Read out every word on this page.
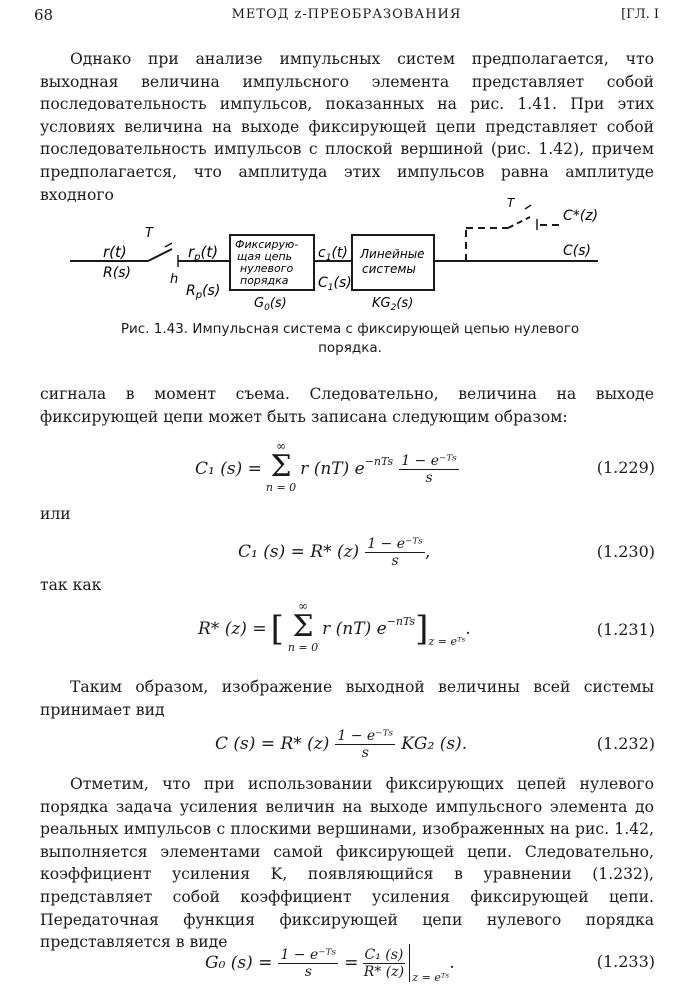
68	МЕТОД z-ПРЕОБРАЗОВАНИЯ	[ГЛ. I
Однако при анализе импульсных систем предполагается, что выходная величина импульсного элемента представляет собой последовательность импульсов, показанных на рис. 1.41. При этих условиях величина на выходе фиксирующей цепи представляет собой последовательность импульсов с плоской вершиной (рис. 1.42), причем предполагается, что амплитуда этих импульсов равна амплитуде входного
r(t)
R(s)
T
h
$r_p(t)$
$R_p(s)$
Фиксирую-
щая цепь
нулевого
порядка
$G_0(s)$
$c_1(t)$
$C_1(s)$
Линейные
системы
$KG_2(s)$
T
C*(z)
C(s)
Рис. 1.43. Импульсная система с фиксирующей цепью нулевого
порядка.
сигнала в момент съема. Следовательно, величина на выходе фиксирующей цепи может быть записана следующим образом:
C₁ (s) =
∞
Σ
n = 0
r (nT) $e^{-nTs} \frac{\text{1 − e⁻ᵀˢ}}{s}$	(1.229)
или
C₁ (s) = R* $(z) \frac{\text{1 − e⁻ᵀˢ}}{s}$ ,	(1.230)
так как
R* (z) = [
∞
Σ
n = 0
r (nT) $e^{-nTs}$ ]$_{z = eᵀˢ}$
.	(1.231)
Таким образом, изображение выходной величины всей системы принимает вид
C (s) = R* $(z) \frac{\text{1 − e⁻ᵀˢ}}{s} KG_2$ (s).	(1.232)
Отметим, что при использовании фиксирующих цепей нулевого порядка задача усиления величин на выходе импульсного элемента до реальных импульсов с плоскими вершинами, изображенных на рис. 1.42, выполняется элементами самой фиксирующей цепи. Следовательно, коэффициент усиления K, появляющийся в уравнении (1.232), представляет собой коэффициент усиления фиксирующей цепи. Передаточная функция фиксирующей цепи нулевого порядка представляется в виде
G₀ $(s) = \frac{\text{1 − e⁻ᵀˢ}}{s} = \frac{\text{C₁ (s)}}{R* (z)} _{z = eᵀˢ}$
.	(1.233)
